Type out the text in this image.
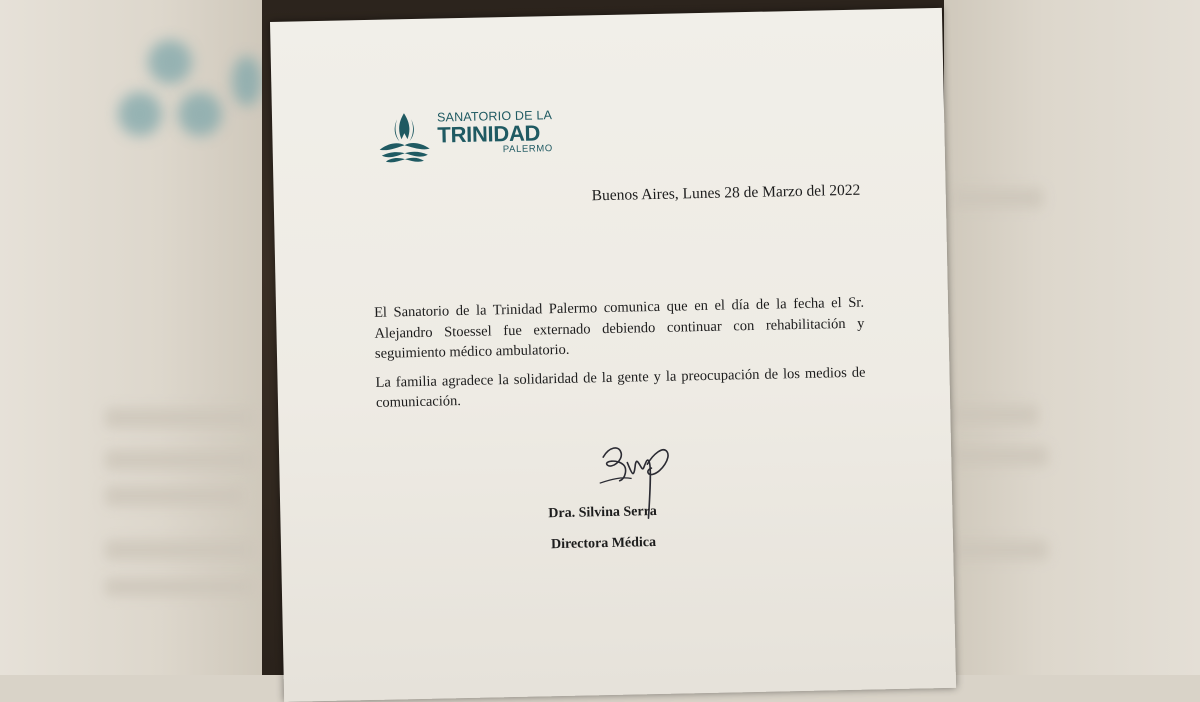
SANATORIO DE LA
TRINIDAD
PALERMO
Buenos Aires, Lunes 28 de Marzo del 2022

El Sanatorio de la Trinidad Palermo comunica que en el día de la fecha el Sr. Alejandro Stoessel fue externado debiendo continuar con rehabilitación y seguimiento médico ambulatorio.

La familia agradece la solidaridad de la gente y la preocupación de los medios de comunicación.

Dra. Silvina Serra
Directora Médica
